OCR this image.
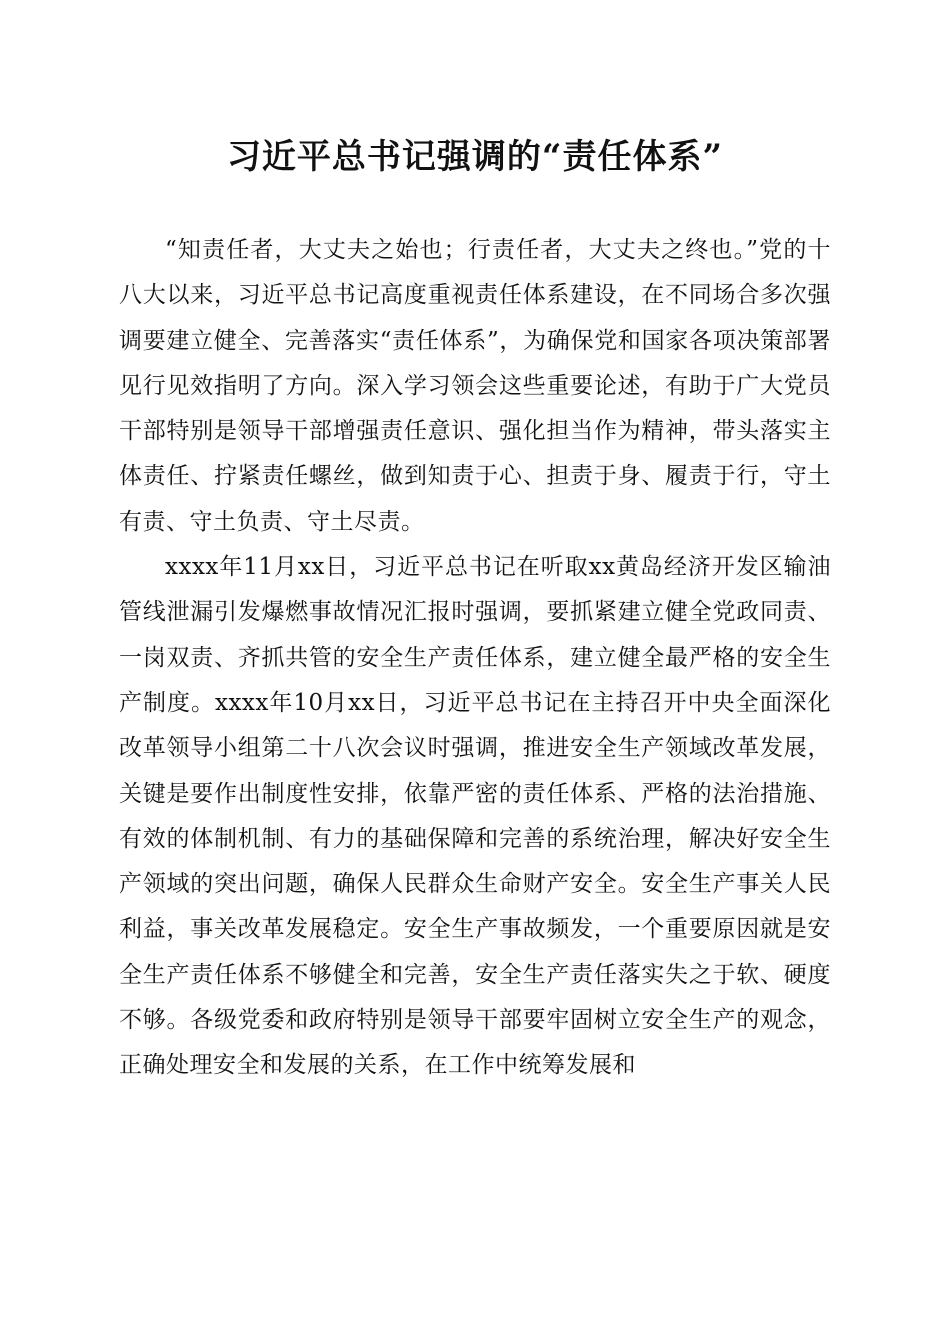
习近平总书记强调的“责任体系”

“知责任者，大丈夫之始也；行责任者，大丈夫之终也。”党的十八大以来，习近平总书记高度重视责任体系建设，在不同场合多次强调要建立健全、完善落实“责任体系”，为确保党和国家各项决策部署见行见效指明了方向。深入学习领会这些重要论述，有助于广大党员干部特别是领导干部增强责任意识、强化担当作为精神，带头落实主体责任、拧紧责任螺丝，做到知责于心、担责于身、履责于行，守土有责、守土负责、守土尽责。

xxxx年11月xx日，习近平总书记在听取xx黄岛经济开发区输油管线泄漏引发爆燃事故情况汇报时强调，要抓紧建立健全党政同责、一岗双责、齐抓共管的安全生产责任体系，建立健全最严格的安全生产制度。xxxx年10月xx日，习近平总书记在主持召开中央全面深化改革领导小组第二十八次会议时强调，推进安全生产领域改革发展，关键是要作出制度性安排，依靠严密的责任体系、严格的法治措施、有效的体制机制、有力的基础保障和完善的系统治理，解决好安全生产领域的突出问题，确保人民群众生命财产安全。安全生产事关人民利益，事关改革发展稳定。安全生产事故频发，一个重要原因就是安全生产责任体系不够健全和完善，安全生产责任落实失之于软、硬度不够。各级党委和政府特别是领导干部要牢固树立安全生产的观念，正确处理安全和发展的关系，在工作中统筹发展和
